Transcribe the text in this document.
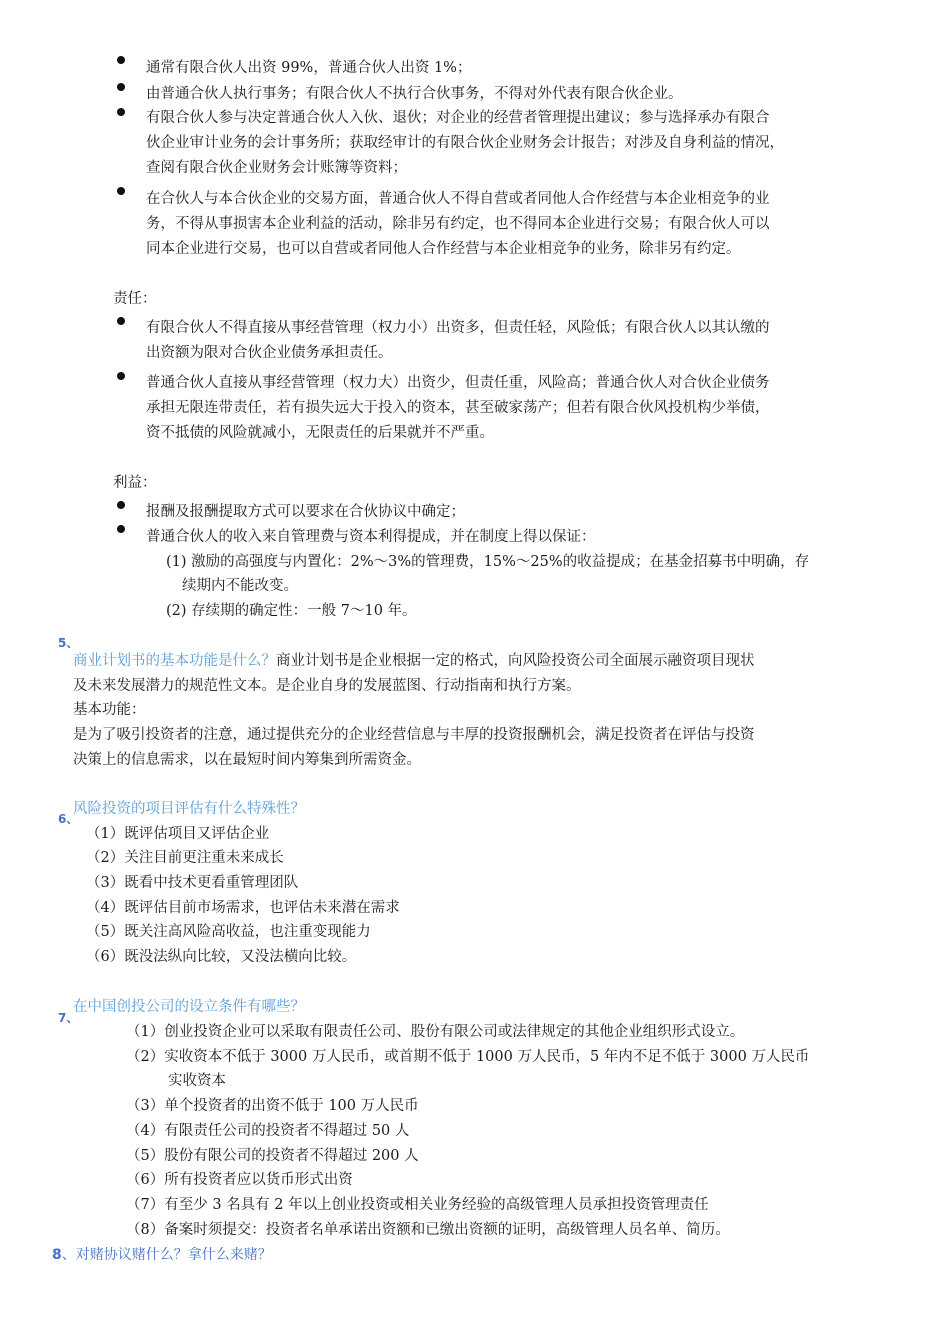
通常有限合伙人出资 99%，普通合伙人出资 1%；
由普通合伙人执行事务；有限合伙人不执行合伙事务，不得对外代表有限合伙企业。
有限合伙人参与决定普通合伙人入伙、退伙；对企业的经营者管理提出建议；参与选择承办有限合
伙企业审计业务的会计事务所；获取经审计的有限合伙企业财务会计报告；对涉及自身利益的情况，
查阅有限合伙企业财务会计账簿等资料；
在合伙人与本合伙企业的交易方面，普通合伙人不得自营或者同他人合作经营与本企业相竞争的业
务，不得从事损害本企业利益的活动，除非另有约定，也不得同本企业进行交易；有限合伙人可以
同本企业进行交易，也可以自营或者同他人合作经营与本企业相竞争的业务，除非另有约定。
责任：
有限合伙人不得直接从事经营管理（权力小）出资多，但责任轻，风险低；有限合伙人以其认缴的
出资额为限对合伙企业债务承担责任。
普通合伙人直接从事经营管理（权力大）出资少，但责任重，风险高；普通合伙人对合伙企业债务
承担无限连带责任，若有损失远大于投入的资本，甚至破家荡产；但若有限合伙风投机构少举债，
资不抵债的风险就减小，无限责任的后果就并不严重。
利益：
报酬及报酬提取方式可以要求在合伙协议中确定；
普通合伙人的收入来自管理费与资本利得提成，并在制度上得以保证：
(1) 激励的高强度与内置化：2%～3%的管理费，15%～25%的收益提成；在基金招募书中明确，存
续期内不能改变。
(2) 存续期的确定性：一般 7～10 年。
5、
商业计划书的基本功能是什么？商业计划书是企业根据一定的格式，向风险投资公司全面展示融资项目现状
及未来发展潜力的规范性文本。是企业自身的发展蓝图、行动指南和执行方案。
基本功能：
是为了吸引投资者的注意，通过提供充分的企业经营信息与丰厚的投资报酬机会，满足投资者在评估与投资
决策上的信息需求，以在最短时间内筹集到所需资金。
6、
风险投资的项目评估有什么特殊性？
（1）既评估项目又评估企业
（2）关注目前更注重未来成长
（3）既看中技术更看重管理团队
（4）既评估目前市场需求，也评估未来潜在需求
（5）既关注高风险高收益，也注重变现能力
（6）既没法纵向比较，又没法横向比较。
7、
在中国创投公司的设立条件有哪些？
（1）创业投资企业可以采取有限责任公司、股份有限公司或法律规定的其他企业组织形式设立。
（2）实收资本不低于 3000 万人民币，或首期不低于 1000 万人民币，5 年内不足不低于 3000 万人民币
实收资本
（3）单个投资者的出资不低于 100 万人民币
（4）有限责任公司的投资者不得超过 50 人
（5）股份有限公司的投资者不得超过 200 人
（6）所有投资者应以货币形式出资
（7）有至少 3 名具有 2 年以上创业投资或相关业务经验的高级管理人员承担投资管理责任
（8）备案时须提交：投资者名单承诺出资额和已缴出资额的证明，高级管理人员名单、简历。
8、对赌协议赌什么？拿什么来赌？
